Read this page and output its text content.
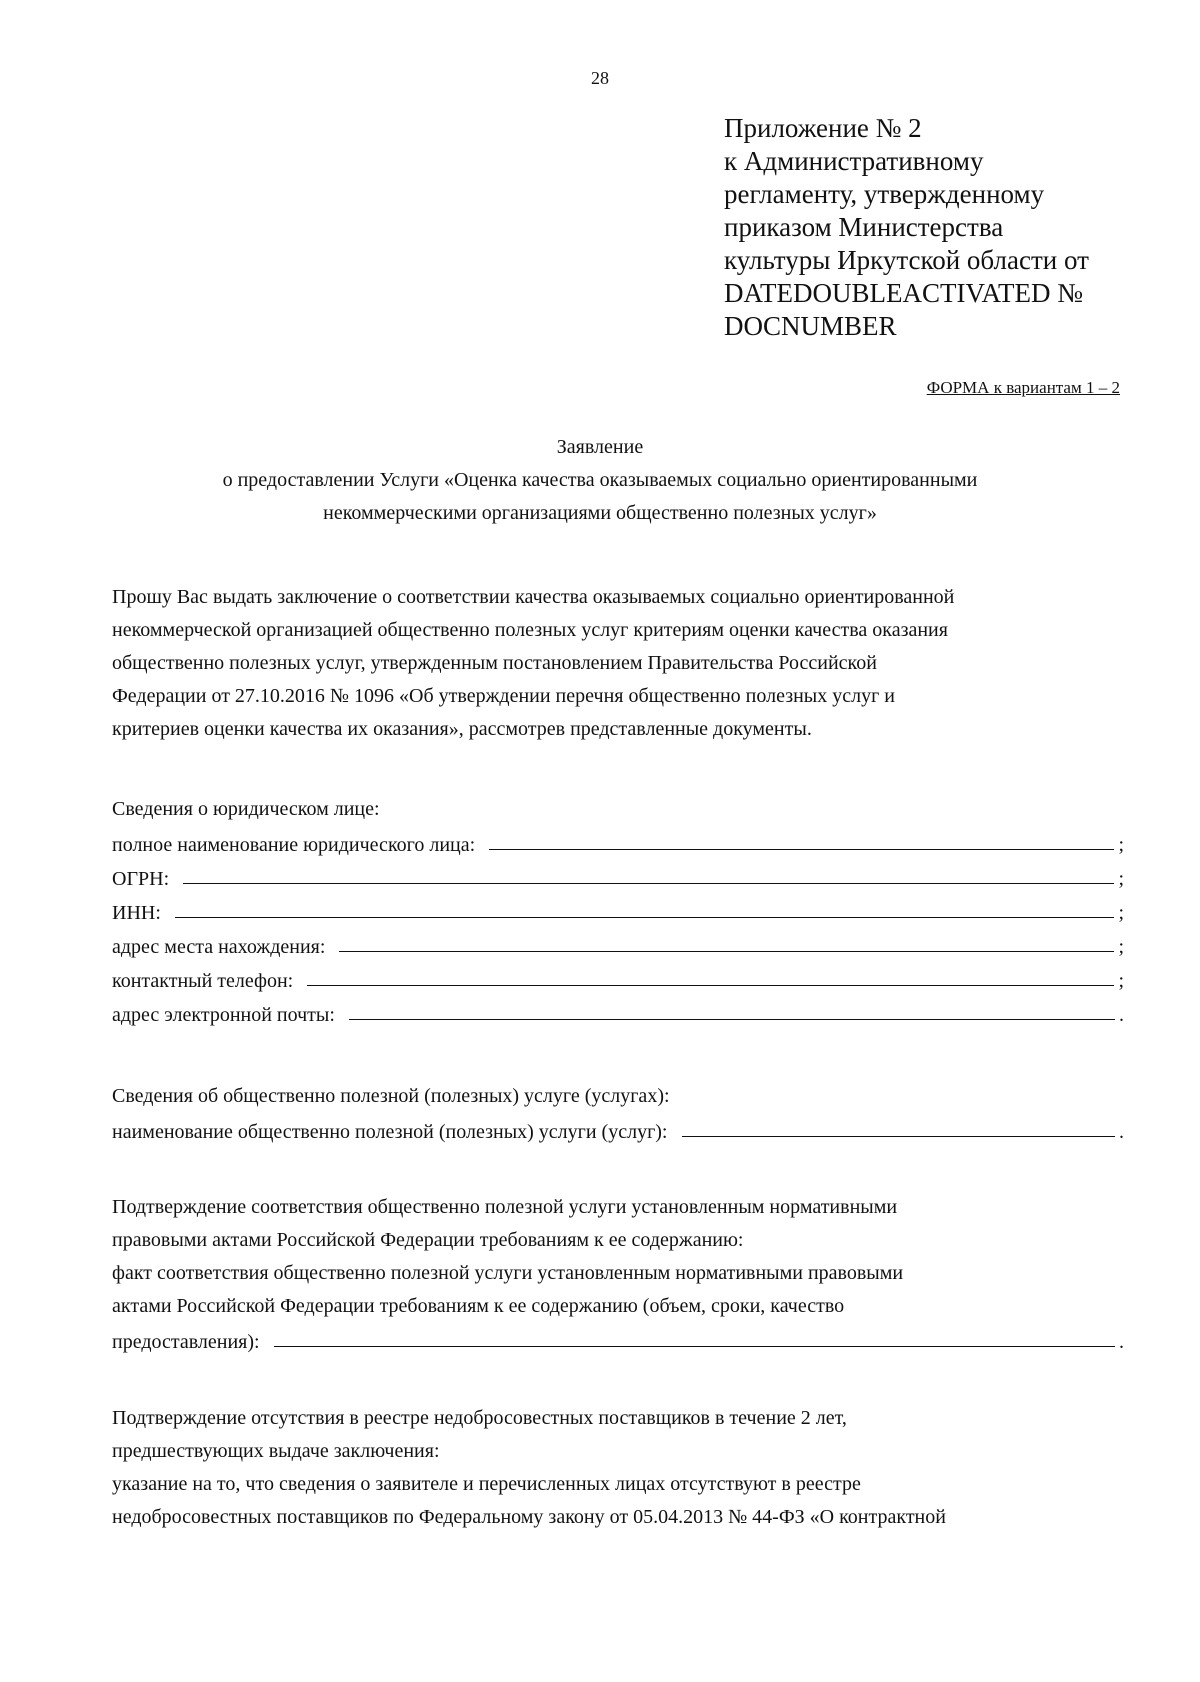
28
Приложение № 2
к Административному
регламенту, утвержденному
приказом Министерства
культуры Иркутской области от
DATEDOUBLEACTIVATED №
DOCNUMBER
ФОРМА к вариантам 1 – 2
Заявление
о предоставлении Услуги «Оценка качества оказываемых социально ориентированными
некоммерческими организациями общественно полезных услуг»
Прошу Вас выдать заключение о соответствии качества оказываемых социально ориентированной
некоммерческой организацией общественно полезных услуг критериям оценки качества оказания
общественно полезных услуг, утвержденным постановлением Правительства Российской
Федерации от 27.10.2016 № 1096 «Об утверждении перечня общественно полезных услуг и
критериев оценки качества их оказания», рассмотрев представленные документы.
Сведения о юридическом лице:
полное наименование юридического лица:	;
ОГРН:	;
ИНН:	;
адрес места нахождения:	;
контактный телефон:	;
адрес электронной почты:	.
Сведения об общественно полезной (полезных) услуге (услугах):
наименование общественно полезной (полезных) услуги (услуг):	.
Подтверждение соответствия общественно полезной услуги установленным нормативными
правовыми актами Российской Федерации требованиям к ее содержанию:
факт соответствия общественно полезной услуги установленным нормативными правовыми
актами Российской Федерации требованиям к ее содержанию (объем, сроки, качество
предоставления):	.
Подтверждение отсутствия в реестре недобросовестных поставщиков в течение 2 лет,
предшествующих выдаче заключения:
указание на то, что сведения о заявителе и перечисленных лицах отсутствуют в реестре
недобросовестных поставщиков по Федеральному закону от 05.04.2013 № 44-ФЗ «О контрактной
